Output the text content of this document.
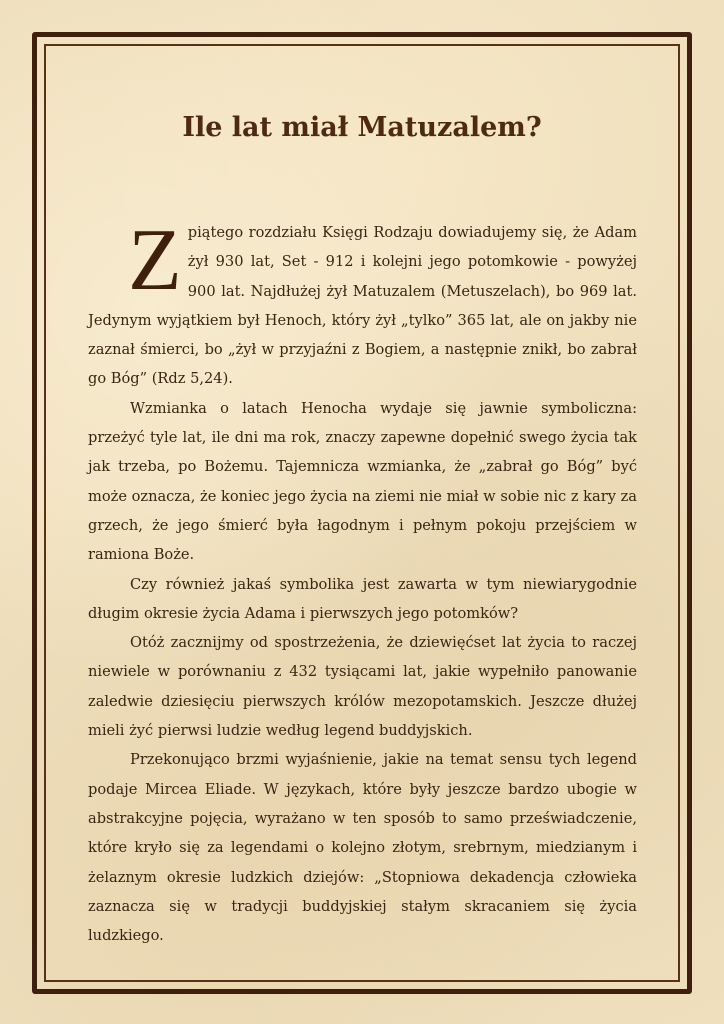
Ile lat miał Matuzalem?

Zpiątego rozdziału Księgi Rodzaju dowiadujemy się, że Adam żył 930 lat, Set - 912 i kolejni jego potomkowie - powyżej 900 lat. Najdłużej żył Matuzalem (Metuszelach), bo 969 lat. Jedynym wyjątkiem był Henoch, który żył „tylko” 365 lat, ale on jakby nie zaznał śmierci, bo „żył w przyjaźni z Bogiem, a następnie znikł, bo zabrał go Bóg” (Rdz 5,24).

Wzmianka o latach Henocha wydaje się jawnie symboliczna: przeżyć tyle lat, ile dni ma rok, znaczy zapewne dopełnić swego życia tak jak trzeba, po Bożemu. Tajemnicza wzmianka, że „zabrał go Bóg” być może oznacza, że koniec jego życia na ziemi nie miał w sobie nic z kary za grzech, że jego śmierć była łagodnym i pełnym pokoju przejściem w ramiona Boże.

Czy również jakaś symbolika jest zawarta w tym niewiarygodnie długim okresie życia Adama i pierwszych jego potomków?

Otóż zacznijmy od spostrzeżenia, że dziewięćset lat życia to raczej niewiele w porównaniu z 432 tysiącami lat, jakie wypełniło panowanie zaledwie dziesięciu pierwszych królów mezopotamskich. Jeszcze dłużej mieli żyć pierwsi ludzie według legend buddyjskich.

Przekonująco brzmi wyjaśnienie, jakie na temat sensu tych legend podaje Mircea Eliade. W językach, które były jeszcze bardzo ubogie w abstrakcyjne pojęcia, wyrażano w ten sposób to samo przeświadczenie, które kryło się za legendami o kolejno złotym, srebrnym, miedzianym i żelaznym okresie ludzkich dziejów: „Stopniowa dekadencja człowieka zaznacza się w tradycji buddyjskiej stałym skracaniem się życia ludzkiego.
